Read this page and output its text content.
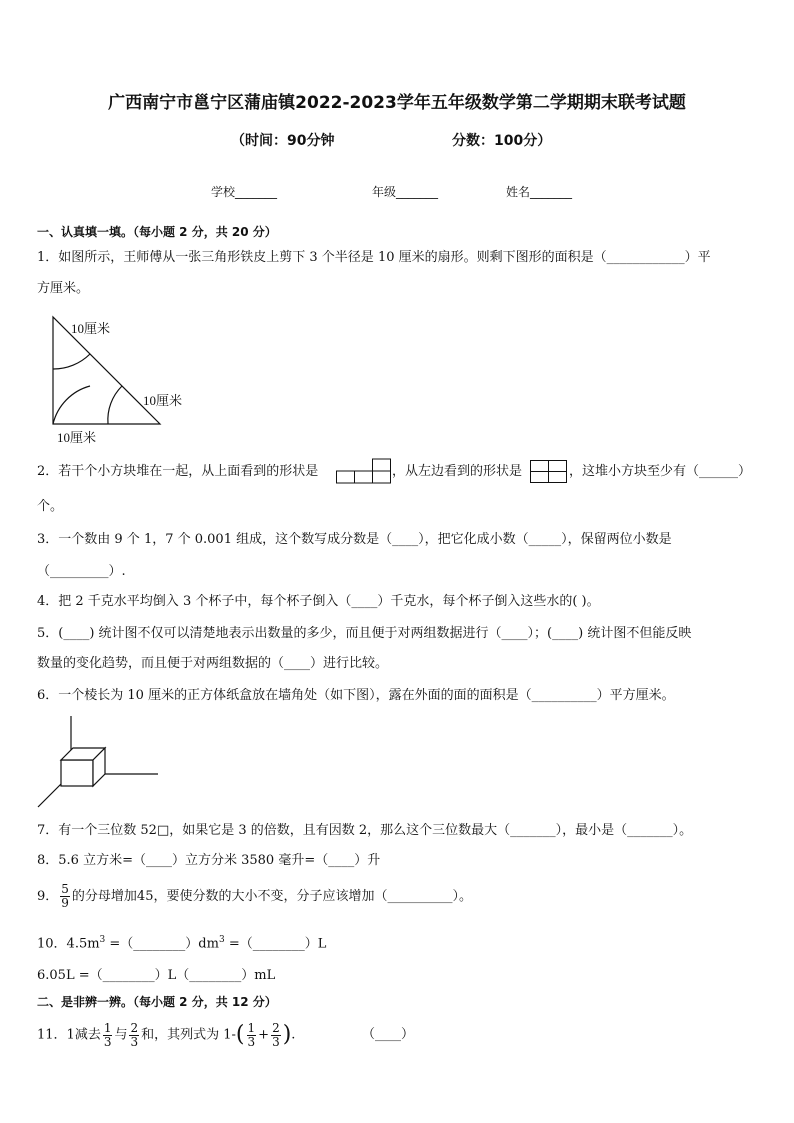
广西南宁市邕宁区蒲庙镇2022-2023学年五年级数学第二学期期末联考试题
（时间：90分钟	分数：100分）
学校_______	年级_______	姓名_______
一、认真填一填。（每小题 2 分，共 20 分）
1．如图所示，王师傅从一张三角形铁皮上剪下 3 个半径是 10 厘米的扇形。则剩下图形的面积是（____________）平
方厘米。
10厘米
10厘米
10厘米
2．若干个小方块堆在一起，从上面看到的形状是	，从左边看到的形状是	，这堆小方块至少有（______）
个。
3．一个数由 9 个 1，7 个 0.001 组成，这个数写成分数是（____），把它化成小数（_____），保留两位小数是
（_________）.
4．把 2 千克水平均倒入 3 个杯子中，每个杯子倒入（____）千克水，每个杯子倒入这些水的( )。
5．(____) 统计图不仅可以清楚地表示出数量的多少，而且便于对两组数据进行（____）；(____) 统计图不但能反映
数量的变化趋势，而且便于对两组数据的（____）进行比较。
6．一个棱长为 10 厘米的正方体纸盒放在墙角处（如下图），露在外面的面的面积是（__________）平方厘米。
7．有一个三位数 52□，如果它是 3 的倍数，且有因数 2，那么这个三位数最大（_______），最小是（_______）。
8．5.6 立方米=（____）立方分米 3580 毫升=（____）升
9． $\frac{5}{9}$ 的分母增加45，要使分数的大小不变，分子应该增加（__________）。
10．$4.5m^3$ $=(\_\_\_\_\_\_\_\_)dm^3$ =（________）L
6.05L =（________）L（________）mL
二、是非辨一辨。（每小题 2 分，共 12 分）
11．1减去 $\frac{1}{3}$ 与 $\frac{2}{3}$ 和，其列式为 $1-( \frac{1}{3} + \frac{2}{3}$ ).	（____）
